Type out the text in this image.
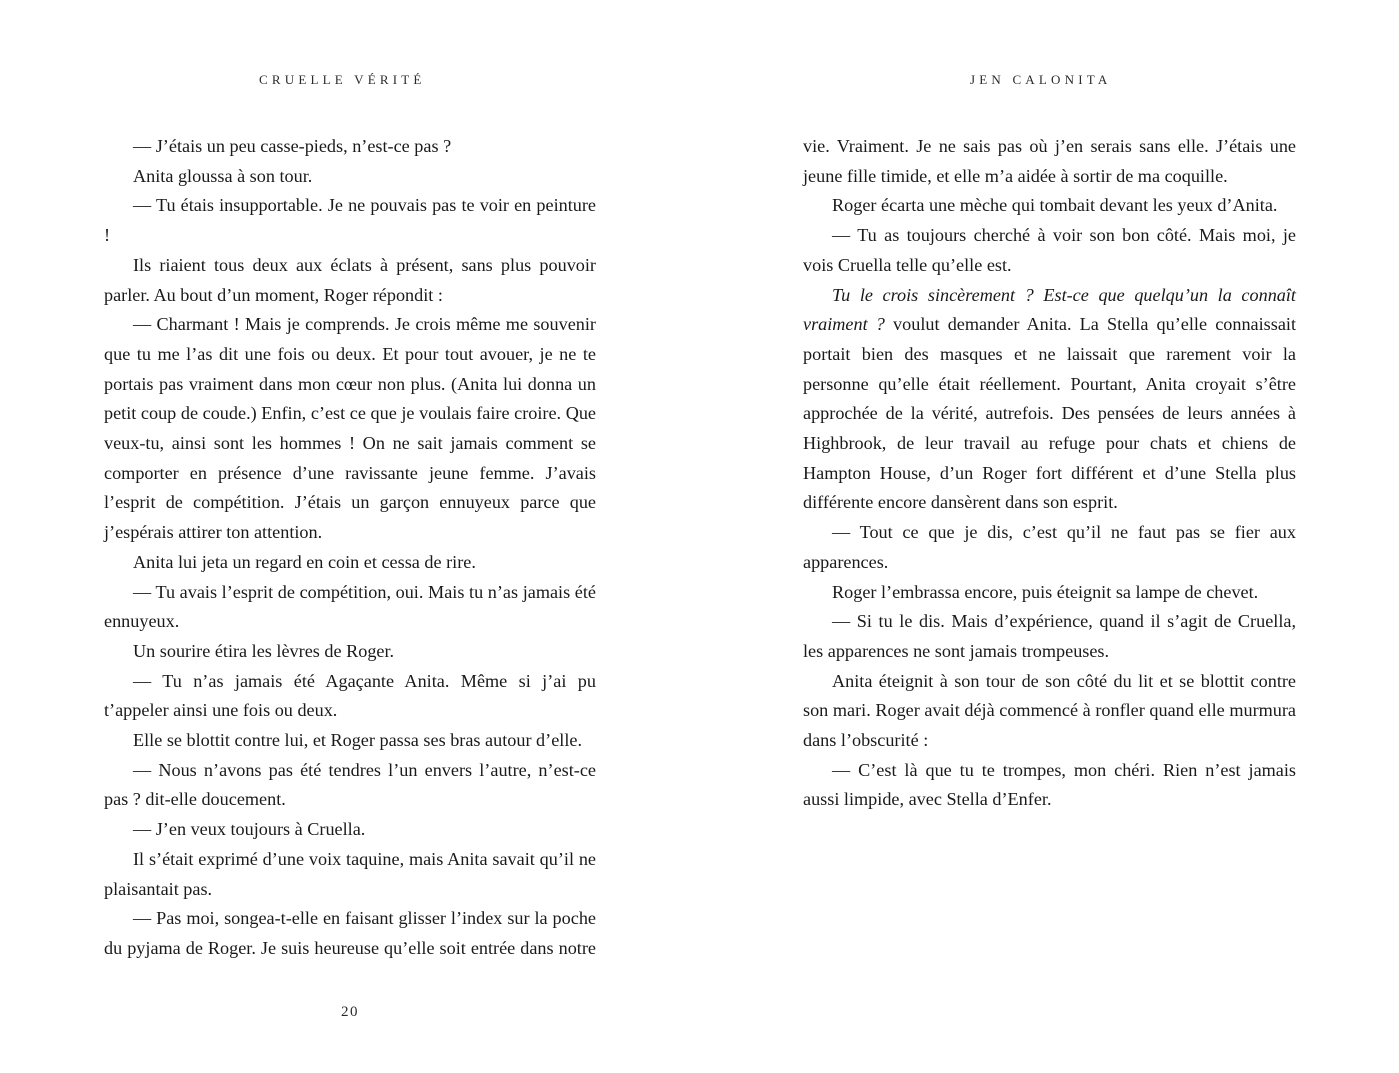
CRUELLE VÉRITÉ

— J’étais un peu casse-pieds, n’est-ce pas ?

Anita gloussa à son tour.

— Tu étais insupportable. Je ne pouvais pas te voir en peinture !

Ils riaient tous deux aux éclats à présent, sans plus pouvoir parler. Au bout d’un moment, Roger répondit :

— Charmant ! Mais je comprends. Je crois même me souvenir que tu me l’as dit une fois ou deux. Et pour tout avouer, je ne te portais pas vraiment dans mon cœur non plus. (Anita lui donna un petit coup de coude.) Enfin, c’est ce que je voulais faire croire. Que veux-tu, ainsi sont les hommes ! On ne sait jamais comment se comporter en présence d’une ravissante jeune femme. J’avais l’esprit de compétition. J’étais un garçon ennuyeux parce que j’espérais attirer ton attention.

Anita lui jeta un regard en coin et cessa de rire.

— Tu avais l’esprit de compétition, oui. Mais tu n’as jamais été ennuyeux.

Un sourire étira les lèvres de Roger.

— Tu n’as jamais été Agaçante Anita. Même si j’ai pu t’appeler ainsi une fois ou deux.

Elle se blottit contre lui, et Roger passa ses bras autour d’elle.

— Nous n’avons pas été tendres l’un envers l’autre, n’est-ce pas ? dit-elle doucement.

— J’en veux toujours à Cruella.

Il s’était exprimé d’une voix taquine, mais Anita savait qu’il ne plaisantait pas.

— Pas moi, songea-t-elle en faisant glisser l’index sur la poche du pyjama de Roger. Je suis heureuse qu’elle soit entrée dans notre

20
JEN CALONITA

vie. Vraiment. Je ne sais pas où j’en serais sans elle. J’étais une jeune fille timide, et elle m’a aidée à sortir de ma coquille.

Roger écarta une mèche qui tombait devant les yeux d’Anita.

— Tu as toujours cherché à voir son bon côté. Mais moi, je vois Cruella telle qu’elle est.

Tu le crois sincèrement ? Est-ce que quelqu’un la connaît vraiment ? voulut demander Anita. La Stella qu’elle connaissait portait bien des masques et ne laissait que rarement voir la personne qu’elle était réellement. Pourtant, Anita croyait s’être approchée de la vérité, autrefois. Des pensées de leurs années à Highbrook, de leur travail au refuge pour chats et chiens de Hampton House, d’un Roger fort différent et d’une Stella plus différente encore dansèrent dans son esprit.

— Tout ce que je dis, c’est qu’il ne faut pas se fier aux apparences.

Roger l’embrassa encore, puis éteignit sa lampe de chevet.

— Si tu le dis. Mais d’expérience, quand il s’agit de Cruella, les apparences ne sont jamais trompeuses.

Anita éteignit à son tour de son côté du lit et se blottit contre son mari. Roger avait déjà commencé à ronfler quand elle murmura dans l’obscurité :

— C’est là que tu te trompes, mon chéri. Rien n’est jamais aussi limpide, avec Stella d’Enfer.
